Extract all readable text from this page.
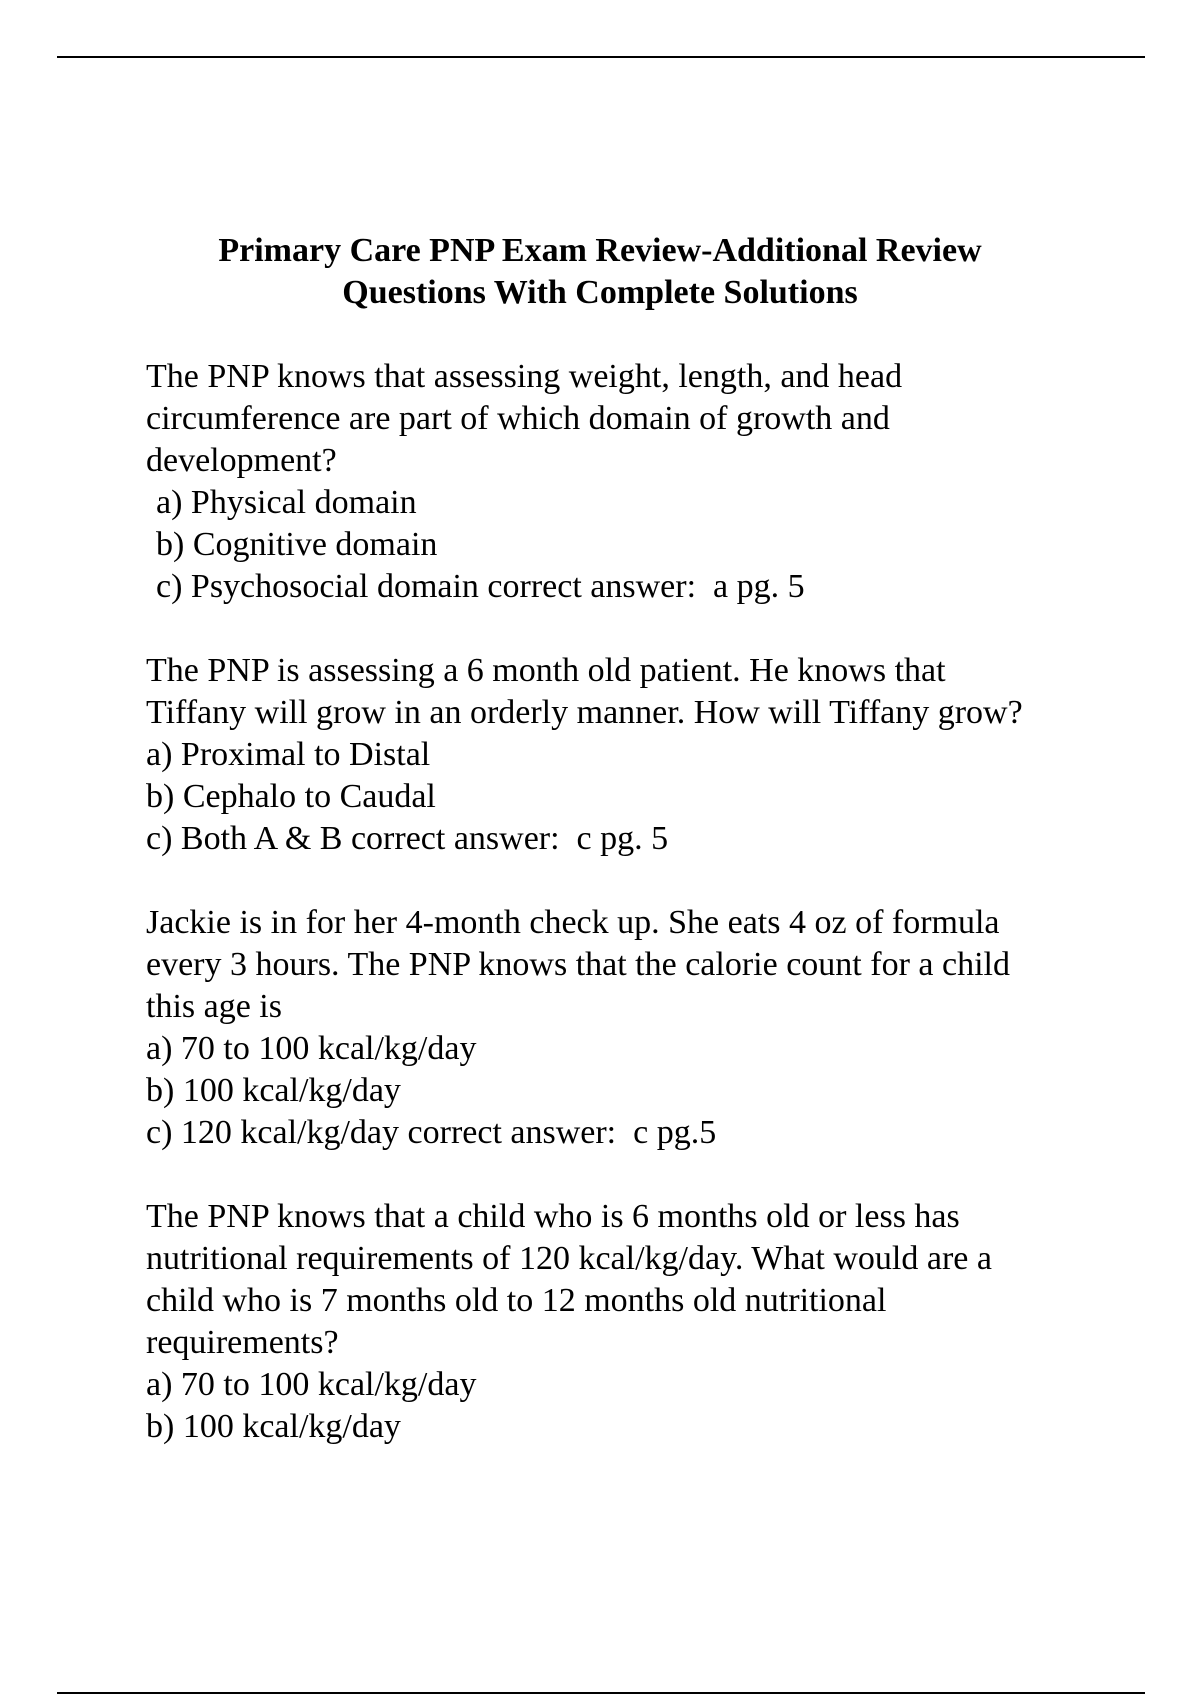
Primary Care PNP Exam Review-Additional Review
Questions With Complete Solutions
The PNP knows that assessing weight, length, and head
circumference are part of which domain of growth and
development?
a) Physical domain
b) Cognitive domain
c) Psychosocial domain correct answer:  a pg. 5
The PNP is assessing a 6 month old patient. He knows that
Tiffany will grow in an orderly manner. How will Tiffany grow?
a) Proximal to Distal
b) Cephalo to Caudal
c) Both A & B correct answer:  c pg. 5
Jackie is in for her 4-month check up. She eats 4 oz of formula
every 3 hours. The PNP knows that the calorie count for a child
this age is
a) 70 to 100 kcal/kg/day
b) 100 kcal/kg/day
c) 120 kcal/kg/day correct answer:  c pg.5
The PNP knows that a child who is 6 months old or less has
nutritional requirements of 120 kcal/kg/day. What would are a
child who is 7 months old to 12 months old nutritional
requirements?
a) 70 to 100 kcal/kg/day
b) 100 kcal/kg/day
